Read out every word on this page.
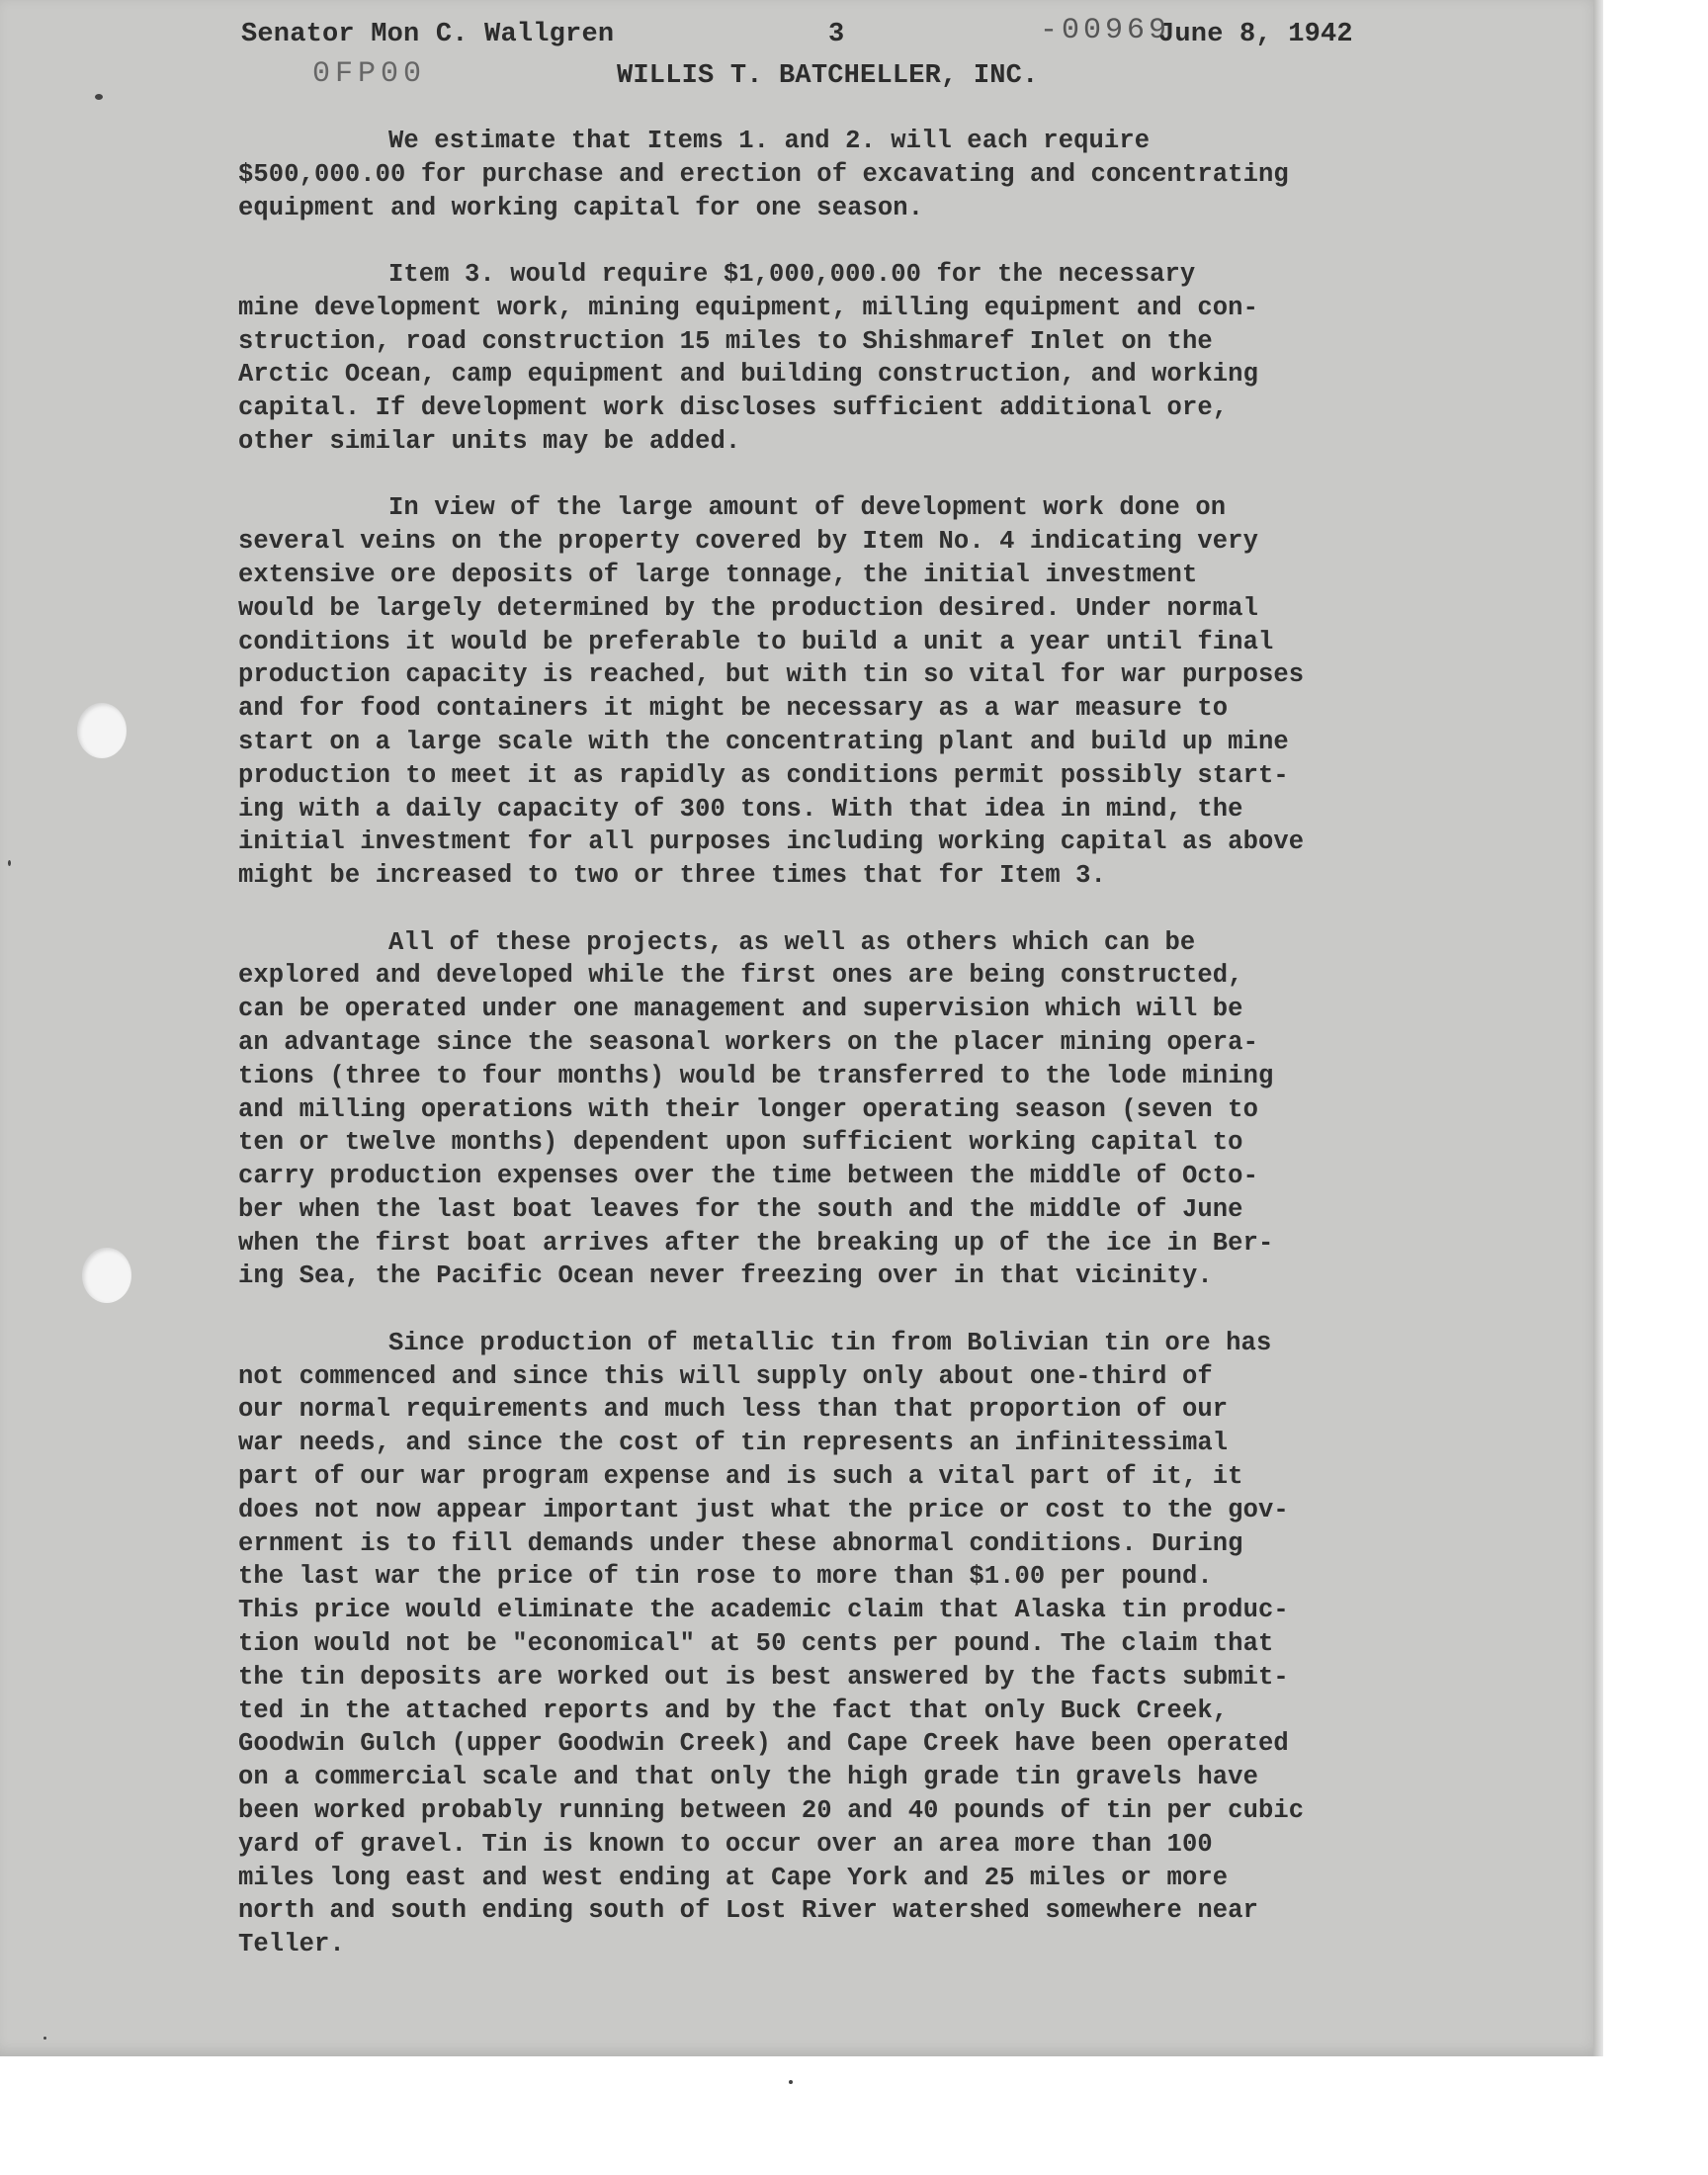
Senator Mon C. Wallgren	3	-00969
June 8, 1942
0FP00	WILLIS T. BATCHELLER, INC.
We estimate that Items 1. and 2. will each require
$500,000.00 for purchase and erection of excavating and concentrating
equipment and working capital for one season.
Item 3. would require $1,000,000.00 for the necessary
mine development work, mining equipment, milling equipment and con-
struction, road construction 15 miles to Shishmaref Inlet on the
Arctic Ocean, camp equipment and building construction, and working
capital. If development work discloses sufficient additional ore,
other similar units may be added.
In view of the large amount of development work done on
several veins on the property covered by Item No. 4 indicating very
extensive ore deposits of large tonnage, the initial investment
would be largely determined by the production desired. Under normal
conditions it would be preferable to build a unit a year until final
production capacity is reached, but with tin so vital for war purposes
and for food containers it might be necessary as a war measure to
start on a large scale with the concentrating plant and build up mine
production to meet it as rapidly as conditions permit possibly start-
ing with a daily capacity of 300 tons. With that idea in mind, the
initial investment for all purposes including working capital as above
might be increased to two or three times that for Item 3.
All of these projects, as well as others which can be
explored and developed while the first ones are being constructed,
can be operated under one management and supervision which will be
an advantage since the seasonal workers on the placer mining opera-
tions (three to four months) would be transferred to the lode mining
and milling operations with their longer operating season (seven to
ten or twelve months) dependent upon sufficient working capital to
carry production expenses over the time between the middle of Octo-
ber when the last boat leaves for the south and the middle of June
when the first boat arrives after the breaking up of the ice in Ber-
ing Sea, the Pacific Ocean never freezing over in that vicinity.
Since production of metallic tin from Bolivian tin ore has
not commenced and since this will supply only about one-third of
our normal requirements and much less than that proportion of our
war needs, and since the cost of tin represents an infinitessimal
part of our war program expense and is such a vital part of it, it
does not now appear important just what the price or cost to the gov-
ernment is to fill demands under these abnormal conditions. During
the last war the price of tin rose to more than $1.00 per pound.
This price would eliminate the academic claim that Alaska tin produc-
tion would not be "economical" at 50 cents per pound. The claim that
the tin deposits are worked out is best answered by the facts submit-
ted in the attached reports and by the fact that only Buck Creek,
Goodwin Gulch (upper Goodwin Creek) and Cape Creek have been operated
on a commercial scale and that only the high grade tin gravels have
been worked probably running between 20 and 40 pounds of tin per cubic
yard of gravel. Tin is known to occur over an area more than 100
miles long east and west ending at Cape York and 25 miles or more
north and south ending south of Lost River watershed somewhere near
Teller.
